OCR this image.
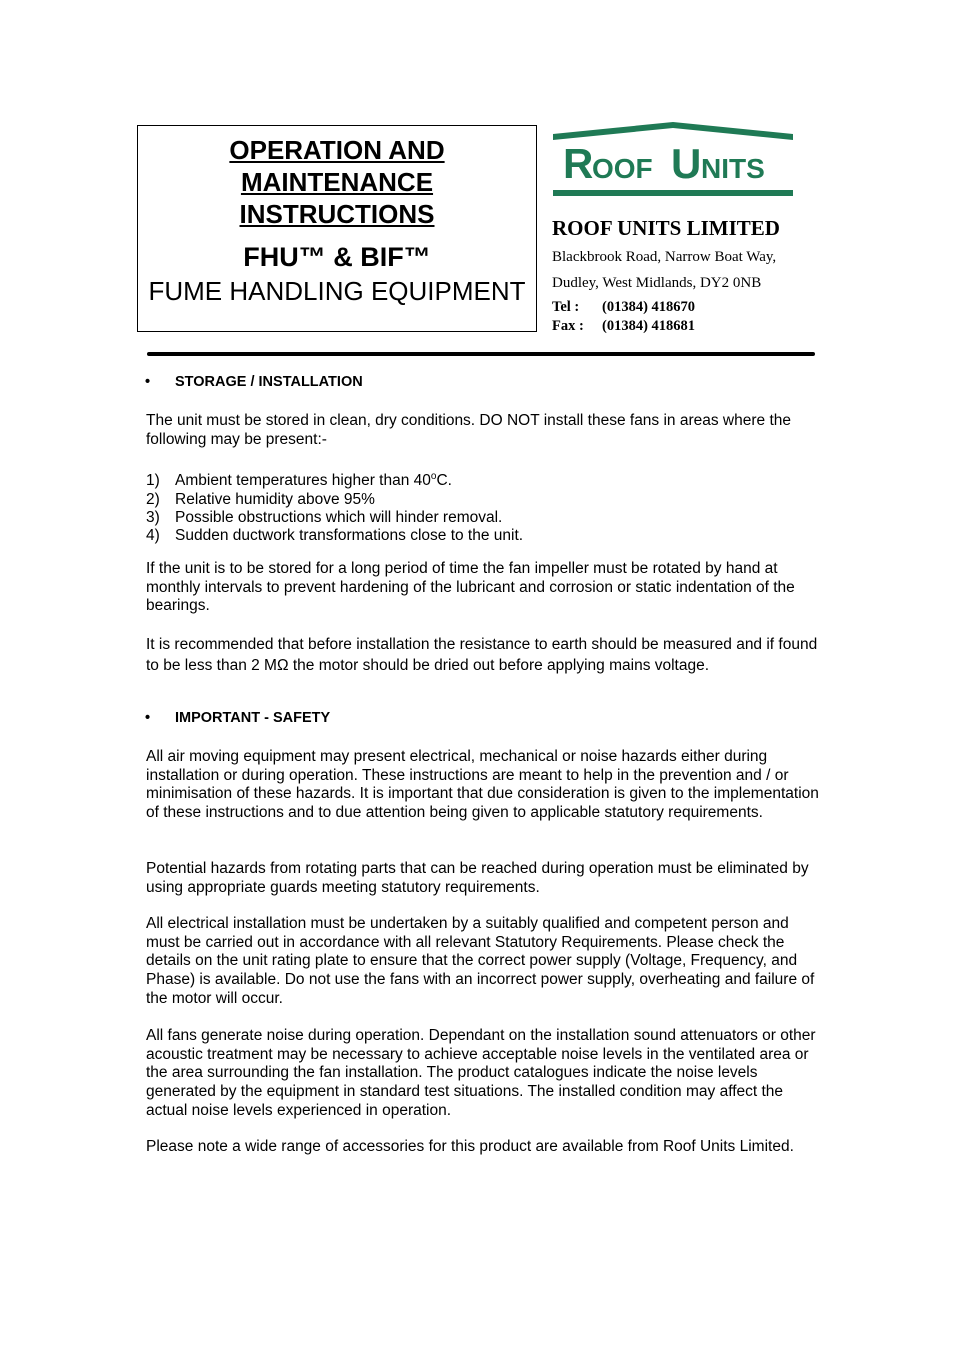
OPERATION AND
MAINTENANCE
INSTRUCTIONS
FHU™ & BIF™
FUME HANDLING EQUIPMENT
R
OOF U NITS
ROOF UNITS LIMITED
Blackbrook Road, Narrow Boat Way,
Dudley, West Midlands, DY2 0NB
Tel : (01384) 418670
Fax : (01384) 418681
• STORAGE / INSTALLATION
The unit must be stored in clean, dry conditions. DO NOT install these fans in areas where the following may be present:-
1) Ambient temperatures higher than 40$^o$C.
2) Relative humidity above 95%
3) Possible obstructions which will hinder removal.
4) Sudden ductwork transformations close to the unit.
If the unit is to be stored for a long period of time the fan impeller must be rotated by hand at monthly intervals to prevent hardening of the lubricant and corrosion or static indentation of the bearings.
It is recommended that before installation the resistance to earth should be measured and if found to be less than 2 MΩ the motor should be dried out before applying mains voltage.
• IMPORTANT - SAFETY
All air moving equipment may present electrical, mechanical or noise hazards either during installation or during operation. These instructions are meant to help in the prevention and / or minimisation of these hazards. It is important that due consideration is given to the implementation of these instructions and to due attention being given to applicable statutory requirements.
Potential hazards from rotating parts that can be reached during operation must be eliminated by using appropriate guards meeting statutory requirements.
All electrical installation must be undertaken by a suitably qualified and competent person and must be carried out in accordance with all relevant Statutory Requirements. Please check the details on the unit rating plate to ensure that the correct power supply (Voltage, Frequency, and Phase) is available. Do not use the fans with an incorrect power supply, overheating and failure of the motor will occur.
All fans generate noise during operation. Dependant on the installation sound attenuators or other acoustic treatment may be necessary to achieve acceptable noise levels in the ventilated area or the area surrounding the fan installation. The product catalogues indicate the noise levels generated by the equipment in standard test situations. The installed condition may affect the actual noise levels experienced in operation.
Please note a wide range of accessories for this product are available from Roof Units Limited.
